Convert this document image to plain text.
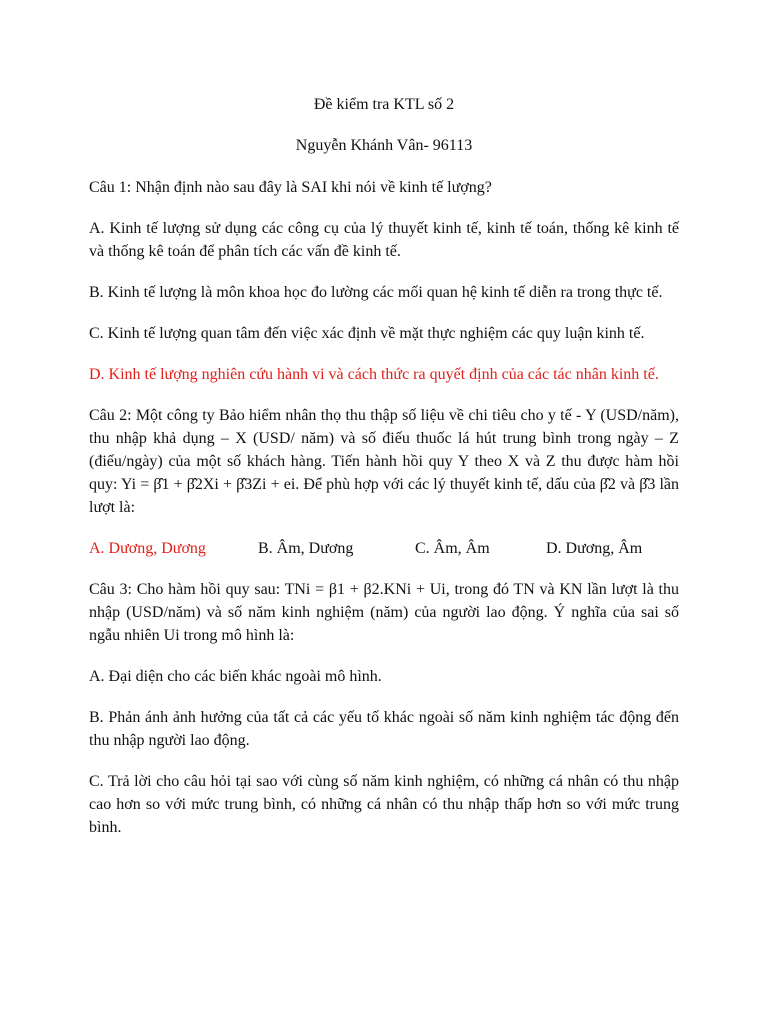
Đề kiểm tra KTL số 2

Nguyễn Khánh Vân- 96113

Câu 1: Nhận định nào sau đây là SAI khi nói về kinh tế lượng?

A. Kinh tế lượng sử dụng các công cụ của lý thuyết kinh tế, kinh tế toán, thống kê kinh tế và thống kê toán để phân tích các vấn đề kinh tế.

B. Kinh tế lượng là môn khoa học đo lường các mối quan hệ kinh tế diễn ra trong thực tế.

C. Kinh tế lượng quan tâm đến việc xác định về mặt thực nghiệm các quy luận kinh tế.

D. Kinh tế lượng nghiên cứu hành vi và cách thức ra quyết định của các tác nhân kinh tế.

Câu 2: Một công ty Bảo hiểm nhân thọ thu thập số liệu về chi tiêu cho y tế - Y (USD/năm), thu nhập khả dụng – X (USD/ năm) và số điếu thuốc lá hút trung bình trong ngày – Z (điếu/ngày) của một số khách hàng. Tiến hành hồi quy Y theo X và Z thu được hàm hồi quy: Yi = β̂1 + β̂2Xi + β̂3Zi + ei. Để phù hợp với các lý thuyết kinh tế, dấu của β̂2 và β̂3 lần lượt là:

A. Dương, Dương	B. Âm, Dương	C. Âm, Âm	D. Dương, Âm

Câu 3: Cho hàm hồi quy sau: TNi = β1 + β2.KNi + Ui, trong đó TN và KN lần lượt là thu nhập (USD/năm) và số năm kinh nghiệm (năm) của người lao động. Ý nghĩa của sai số ngẫu nhiên Ui trong mô hình là:

A. Đại diện cho các biến khác ngoài mô hình.

B. Phản ánh ảnh hưởng của tất cả các yếu tố khác ngoài số năm kinh nghiệm tác động đến thu nhập người lao động.

C. Trả lời cho câu hỏi tại sao với cùng số năm kinh nghiệm, có những cá nhân có thu nhập cao hơn so với mức trung bình, có những cá nhân có thu nhập thấp hơn so với mức trung bình.
